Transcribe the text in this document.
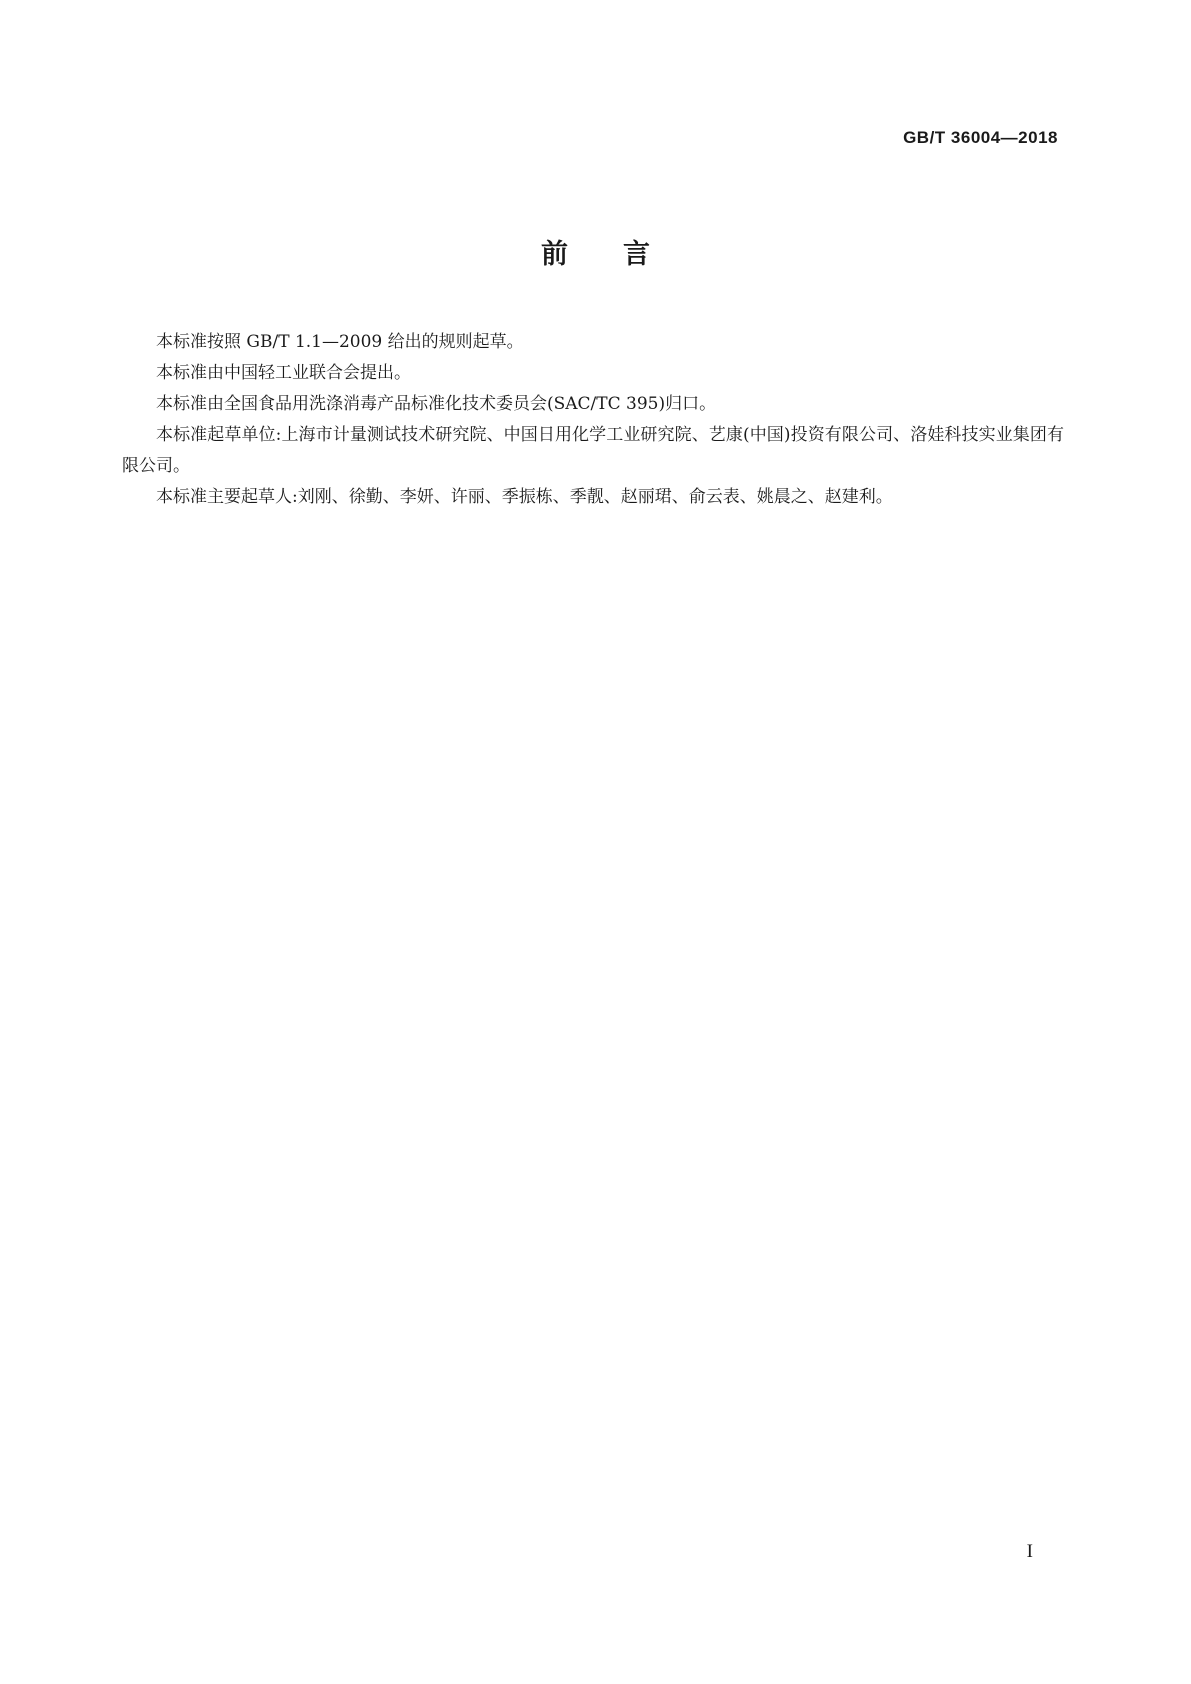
GB/T 36004—2018
前言

本标准按照 GB/T 1.1—2009 给出的规则起草。

本标准由中国轻工业联合会提出。

本标准由全国食品用洗涤消毒产品标准化技术委员会(SAC/TC 395)归口。

本标准起草单位:上海市计量测试技术研究院、中国日用化学工业研究院、艺康(中国)投资有限公司、洛娃科技实业集团有限公司。

本标准主要起草人:刘刚、徐勤、李妍、许丽、季振栋、季靓、赵丽珺、俞云表、姚晨之、赵建利。

I
